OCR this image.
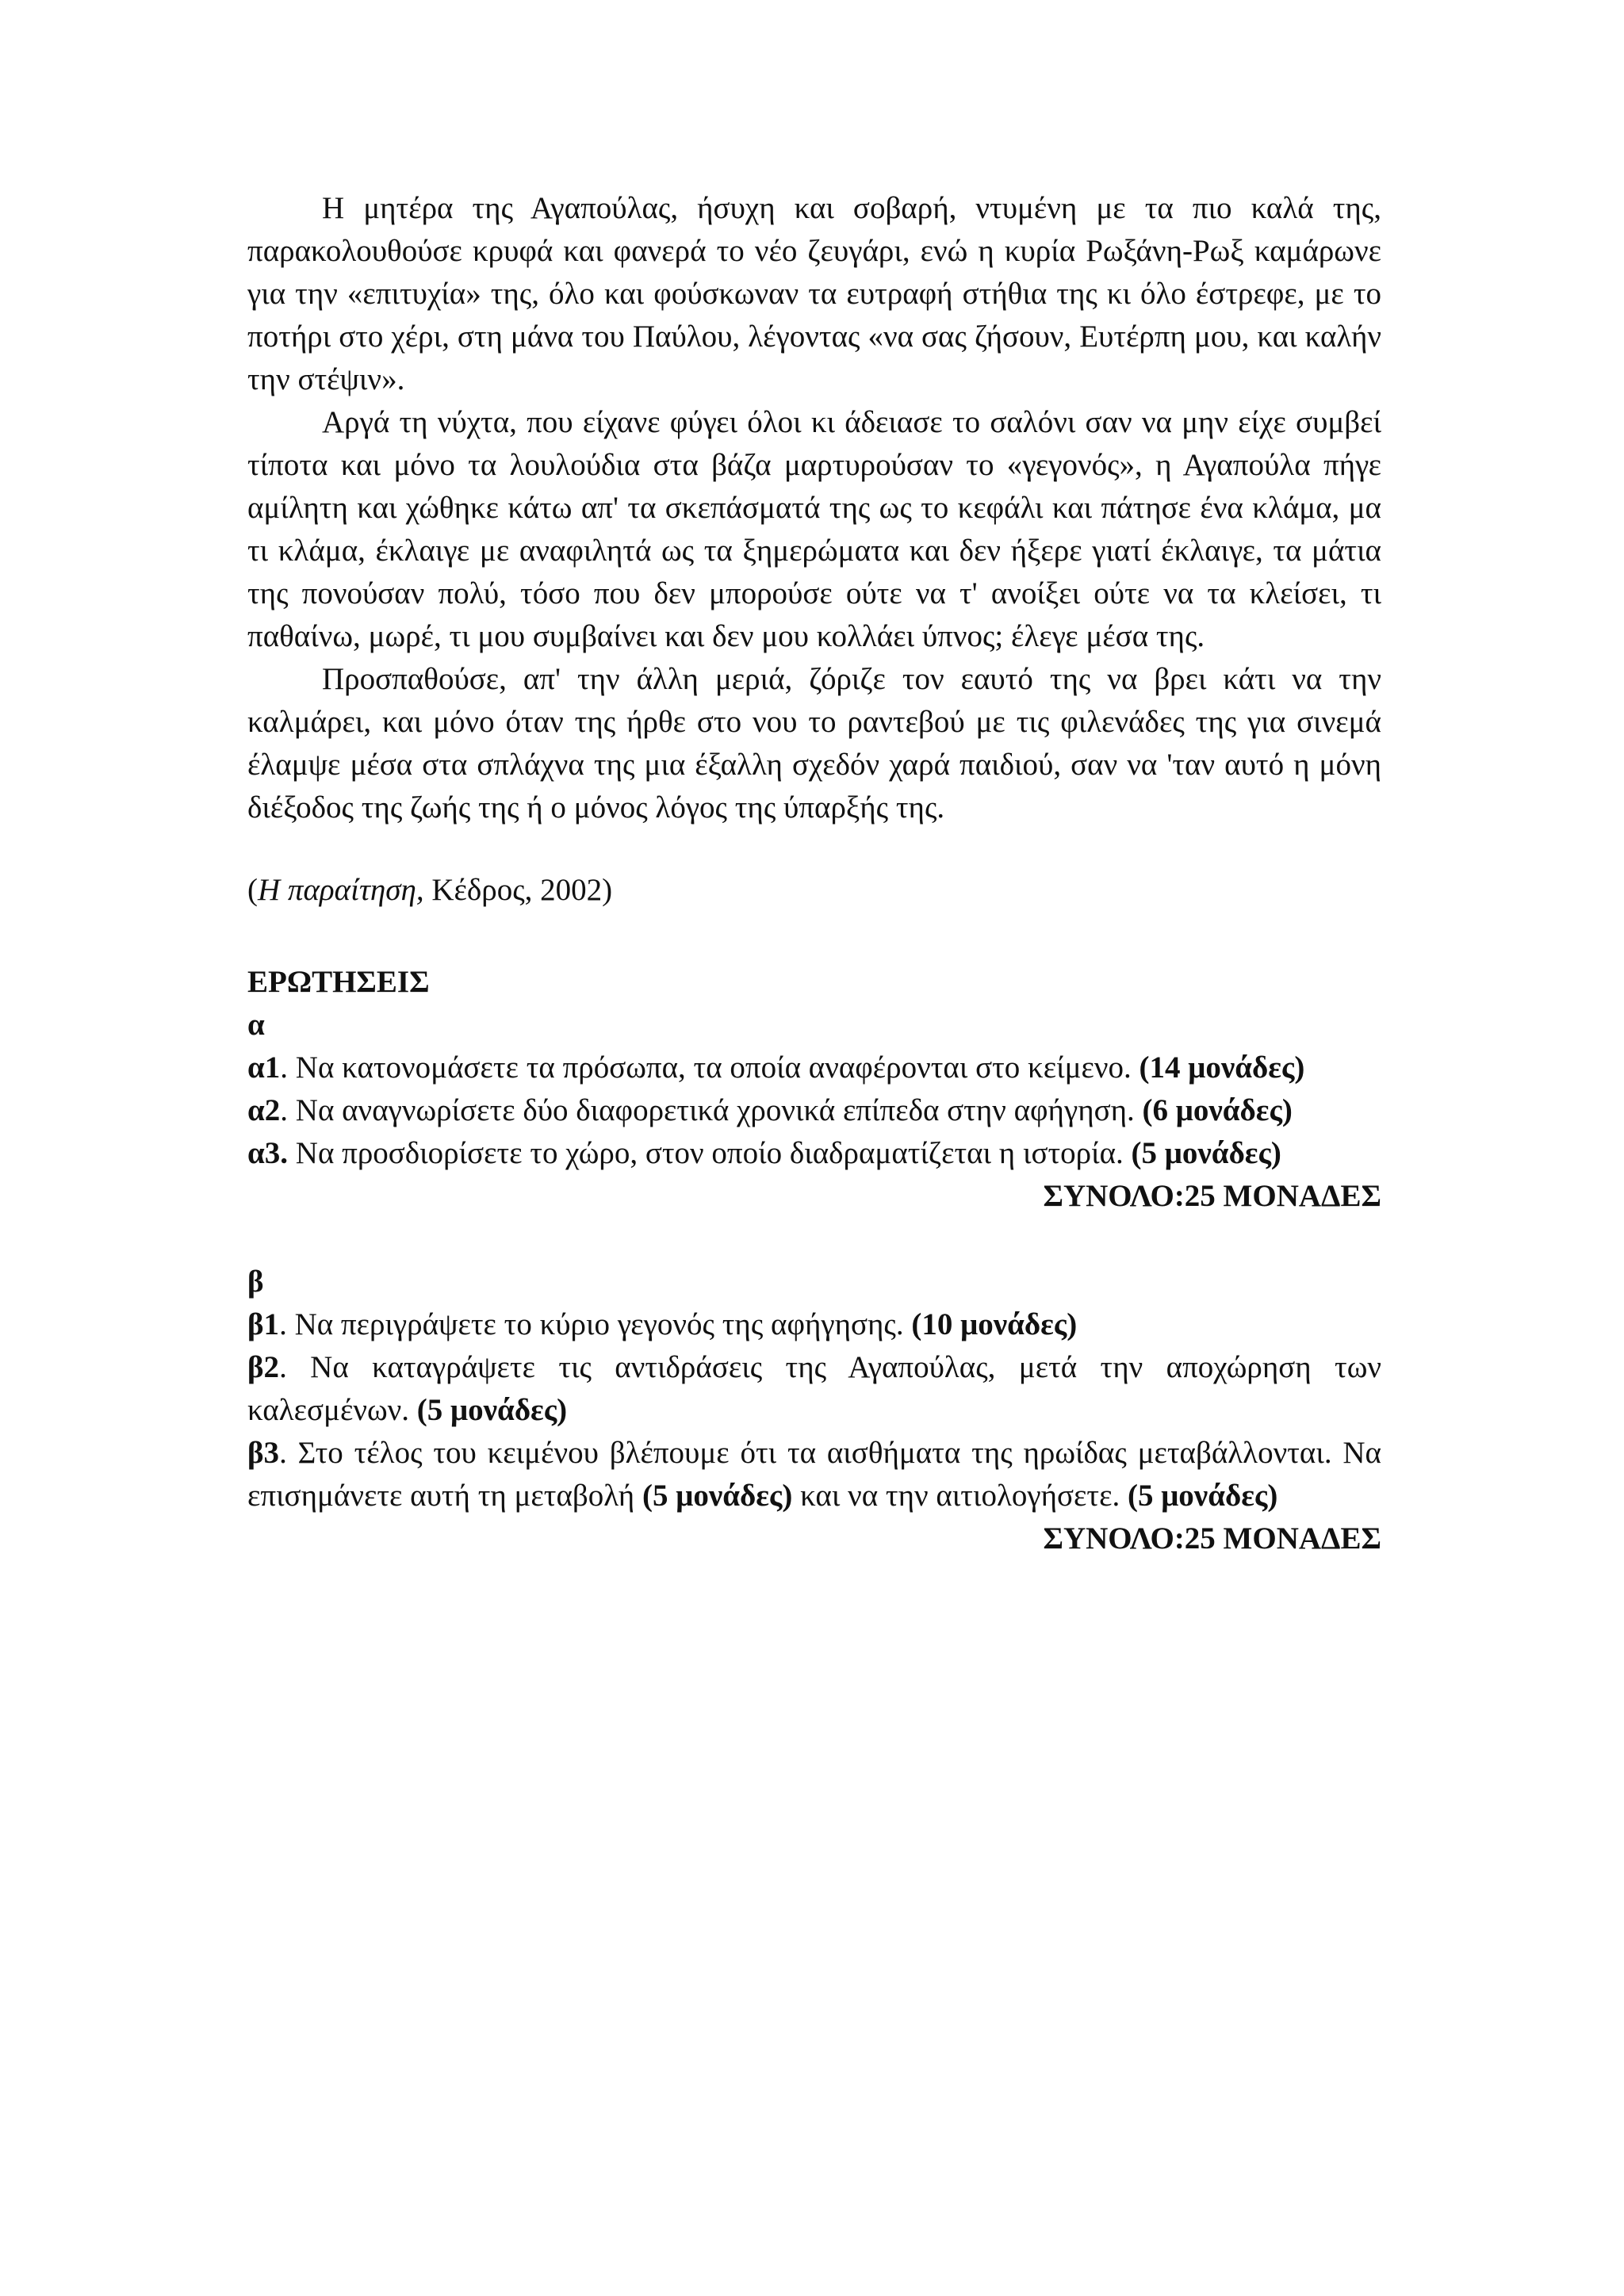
Η μητέρα της Αγαπούλας, ήσυχη και σοβαρή, ντυμένη με τα πιο καλά της, παρακολουθούσε κρυφά και φανερά το νέο ζευγάρι, ενώ η κυρία Ρωξάνη-Ρωξ καμάρωνε για την «επιτυχία» της, όλο και φούσκωναν τα ευτραφή στήθια της κι όλο έστρεφε, με το ποτήρι στο χέρι, στη μάνα του Παύλου, λέγοντας «να σας ζήσουν, Ευτέρπη μου, και καλήν την στέψιν».

Αργά τη νύχτα, που είχανε φύγει όλοι κι άδειασε το σαλόνι σαν να μην είχε συμβεί τίποτα και μόνο τα λουλούδια στα βάζα μαρτυρούσαν το «γεγονός», η Αγαπούλα πήγε αμίλητη και χώθηκε κάτω απ' τα σκεπάσματά της ως το κεφάλι και πάτησε ένα κλάμα, μα τι κλάμα, έκλαιγε με αναφιλητά ως τα ξημερώματα και δεν ήξερε γιατί έκλαιγε, τα μάτια της πονούσαν πολύ, τόσο που δεν μπορούσε ούτε να τ' ανοίξει ούτε να τα κλείσει, τι παθαίνω, μωρέ, τι μου συμβαίνει και δεν μου κολλάει ύπνος; έλεγε μέσα της.

Προσπαθούσε, απ' την άλλη μεριά, ζόριζε τον εαυτό της να βρει κάτι να την καλμάρει, και μόνο όταν της ήρθε στο νου το ραντεβού με τις φιλενάδες της για σινεμά έλαμψε μέσα στα σπλάχνα της μια έξαλλη σχεδόν χαρά παιδιού, σαν να 'ταν αυτό η μόνη διέξοδος της ζωής της ή ο μόνος λόγος της ύπαρξής της.

(Η παραίτηση, Κέδρος, 2002)

ΕΡΩΤΗΣΕΙΣ

α

α1. Να κατονομάσετε τα πρόσωπα, τα οποία αναφέρονται στο κείμενο. (14 μονάδες)

α2. Να αναγνωρίσετε δύο διαφορετικά χρονικά επίπεδα στην αφήγηση. (6 μονάδες)

α3. Να προσδιορίσετε το χώρο, στον οποίο διαδραματίζεται η ιστορία. (5 μονάδες)

ΣΥΝΟΛΟ:25 ΜΟΝΑΔΕΣ

β

β1. Να περιγράψετε το κύριο γεγονός της αφήγησης. (10 μονάδες)

β2. Να καταγράψετε τις αντιδράσεις της Αγαπούλας, μετά την αποχώρηση των καλεσμένων. (5 μονάδες)

β3. Στο τέλος του κειμένου βλέπουμε ότι τα αισθήματα της ηρωίδας μεταβάλλονται. Να επισημάνετε αυτή τη μεταβολή (5 μονάδες) και να την αιτιολογήσετε. (5 μονάδες)

ΣΥΝΟΛΟ:25 ΜΟΝΑΔΕΣ
